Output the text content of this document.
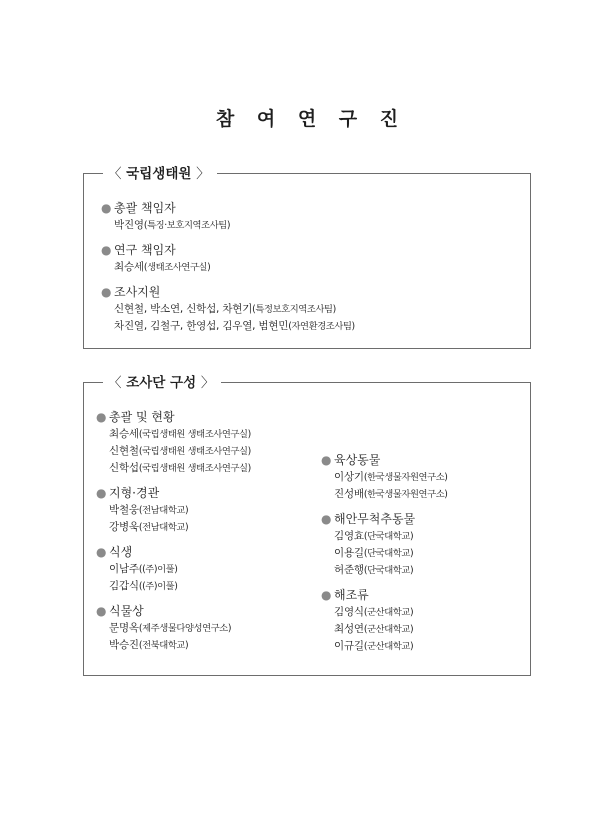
참 여 연 구 진
〈 국립생태원 〉
● 총괄 책임자
박진영(특징·보호지역조사팀)
● 연구 책임자
최승세(생태조사연구실)
● 조사지원
신현철, 박소연, 신학섭, 차현기(특정보호지역조사팀)
차진열, 김철구, 한영섭, 김우열, 범현민(자연환경조사팀)
〈 조사단 구성 〉
● 총괄 및 현황
최승세(국립생태원 생태조사연구실)
신현철(국립생태원 생태조사연구실)
신학섭(국립생태원 생태조사연구실)
● 지형·경관
박철웅(전남대학교)
강병욱(전남대학교)
● 식생
이남주((주)이풀)
김갑식((주)이풀)
● 식물상
문명옥(제주생물다양성연구소)
박승진(전북대학교)
● 육상동물
이상기(한국생물자원연구소)
진성배(한국생물자원연구소)
● 해안무척추동물
김영효(단국대학교)
이용길(단국대학교)
허준행(단국대학교)
● 해조류
김영식(군산대학교)
최성연(군산대학교)
이규길(군산대학교)
